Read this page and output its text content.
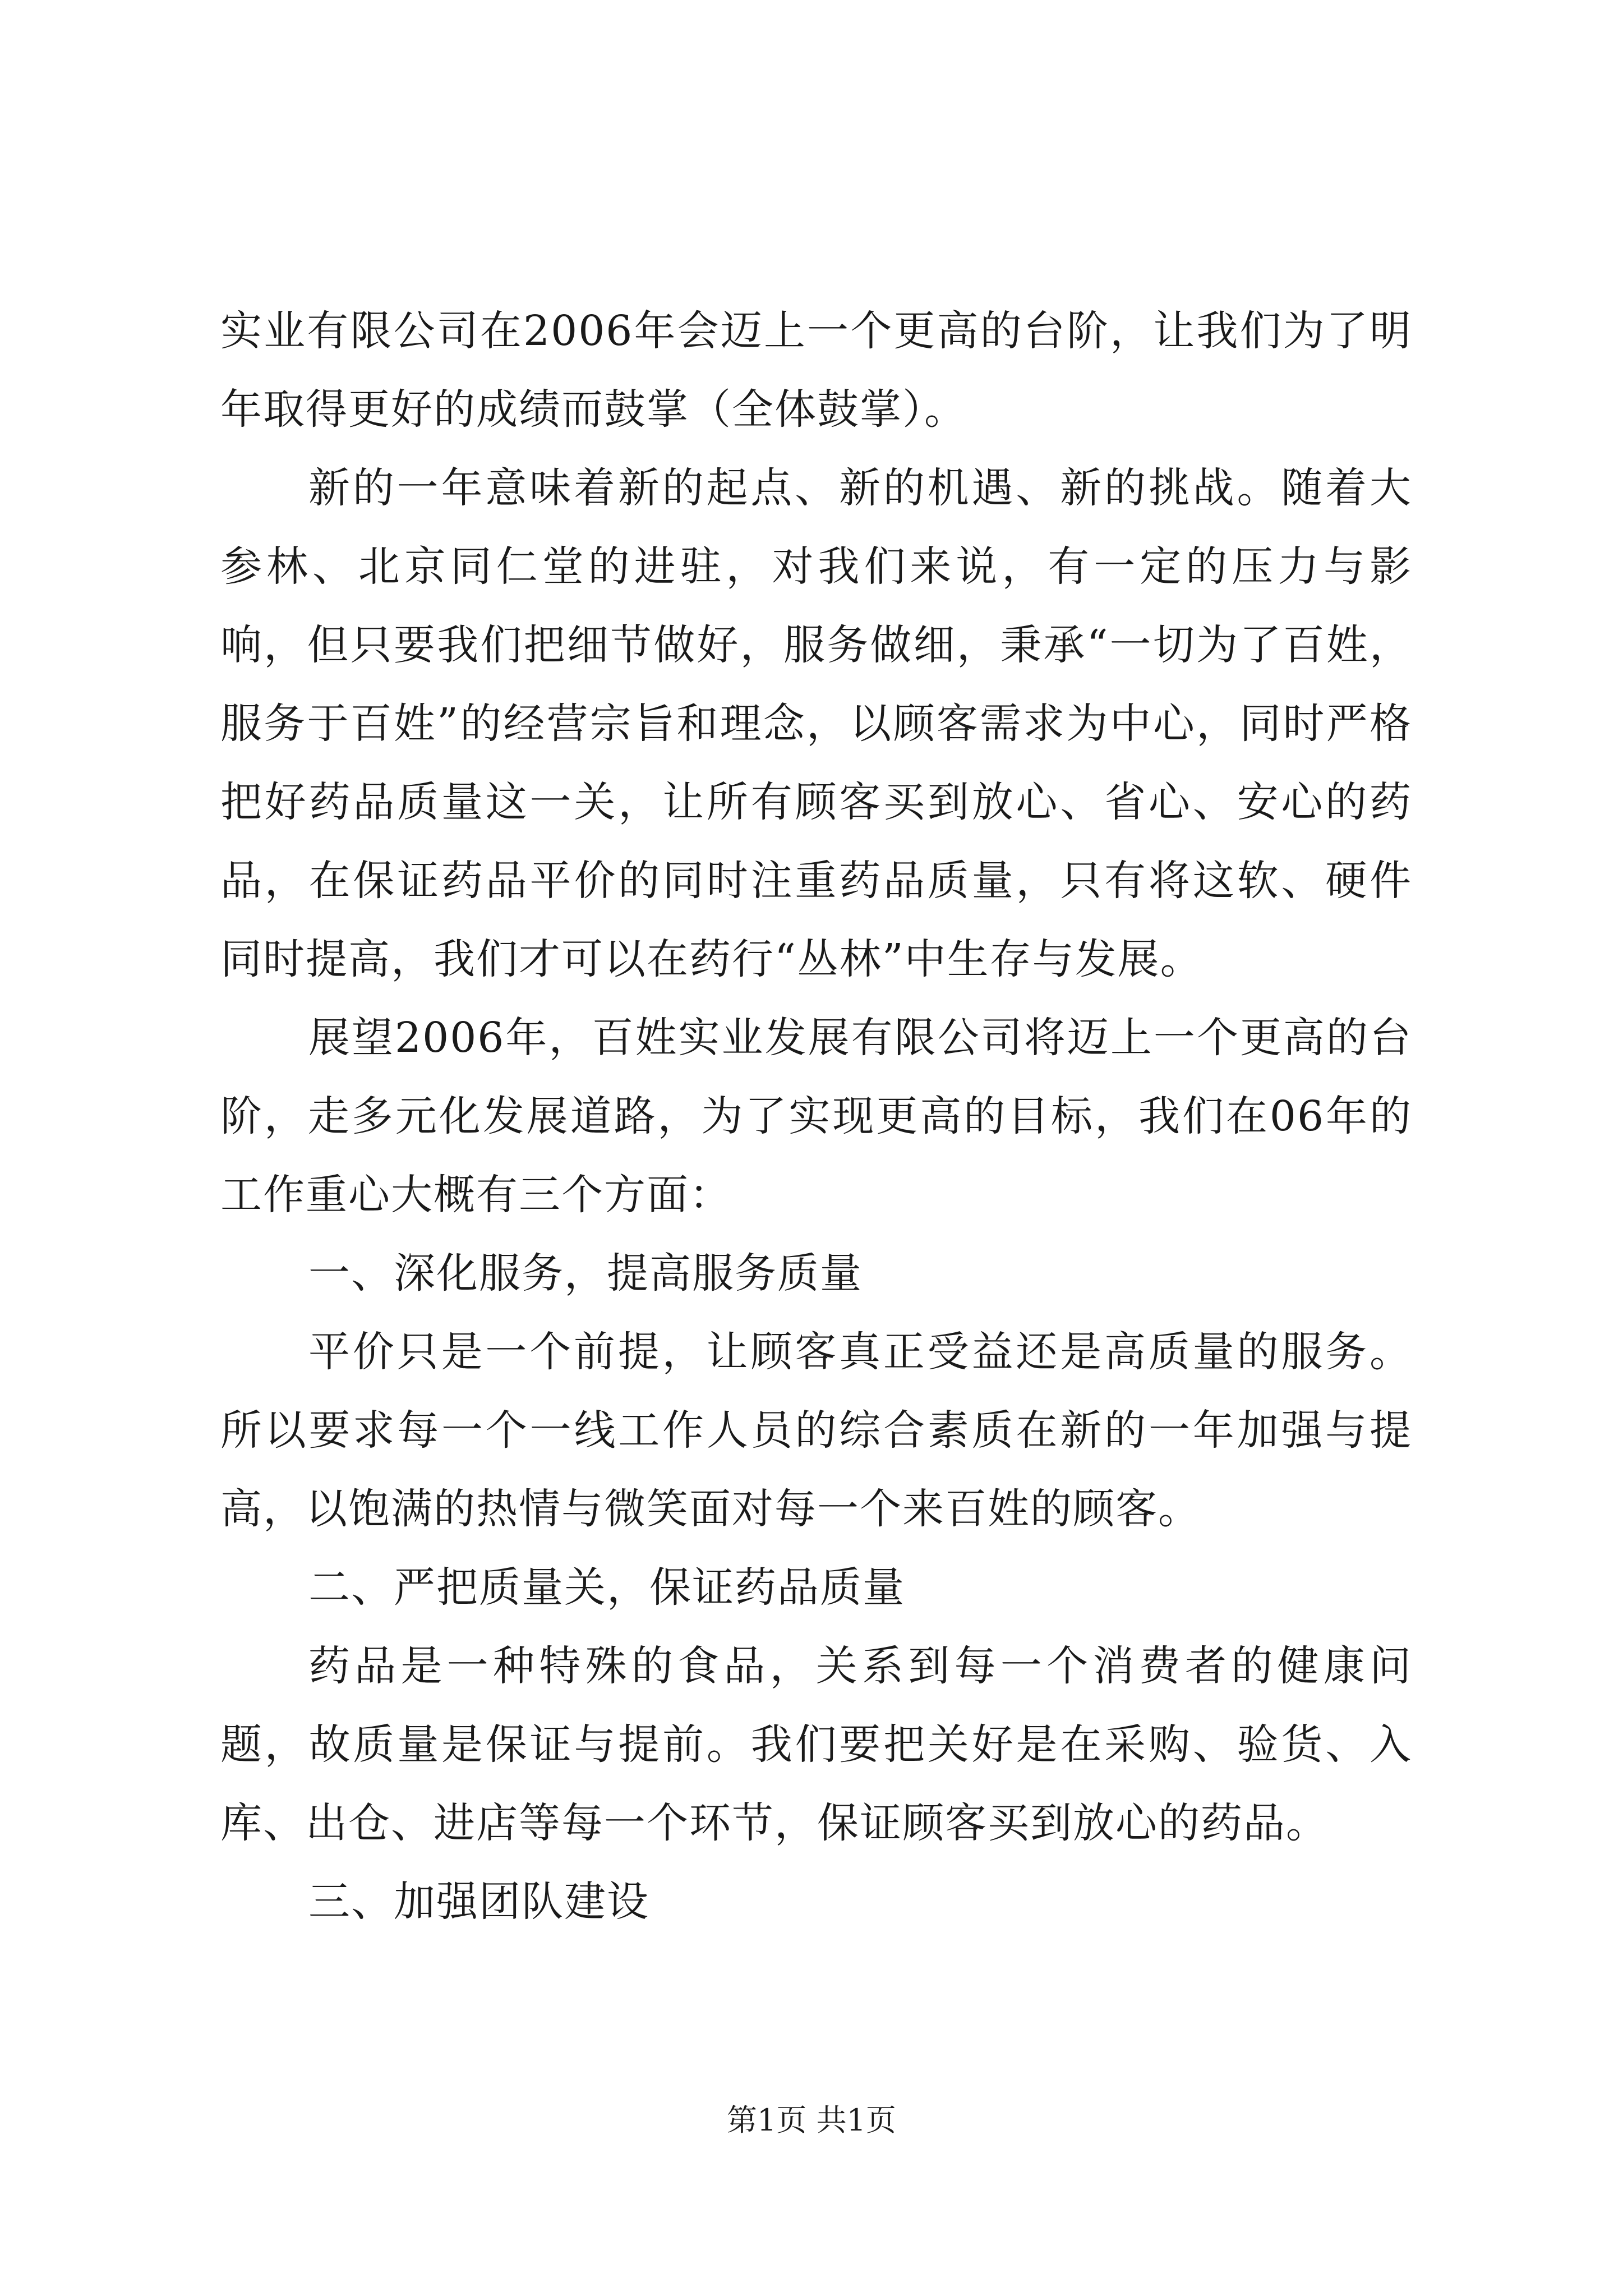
实业有限公司在2006年会迈上一个更高的台阶，让我们为了明年取得更好的成绩而鼓掌（全体鼓掌）。

新的一年意味着新的起点、新的机遇、新的挑战。随着大参林、北京同仁堂的进驻，对我们来说，有一定的压力与影响，但只要我们把细节做好，服务做细，秉承“一切为了百姓，服务于百姓”的经营宗旨和理念，以顾客需求为中心，同时严格把好药品质量这一关，让所有顾客买到放心、省心、安心的药品，在保证药品平价的同时注重药品质量，只有将这软、硬件同时提高，我们才可以在药行“丛林”中生存与发展。

展望2006年，百姓实业发展有限公司将迈上一个更高的台阶，走多元化发展道路，为了实现更高的目标，我们在06年的工作重心大概有三个方面：

一、深化服务，提高服务质量

平价只是一个前提，让顾客真正受益还是高质量的服务。所以要求每一个一线工作人员的综合素质在新的一年加强与提高，以饱满的热情与微笑面对每一个来百姓的顾客。

二、严把质量关，保证药品质量

药品是一种特殊的食品，关系到每一个消费者的健康问题，故质量是保证与提前。我们要把关好是在采购、验货、入库、出仓、进店等每一个环节，保证顾客买到放心的药品。

三、加强团队建设

第1页 共1页
